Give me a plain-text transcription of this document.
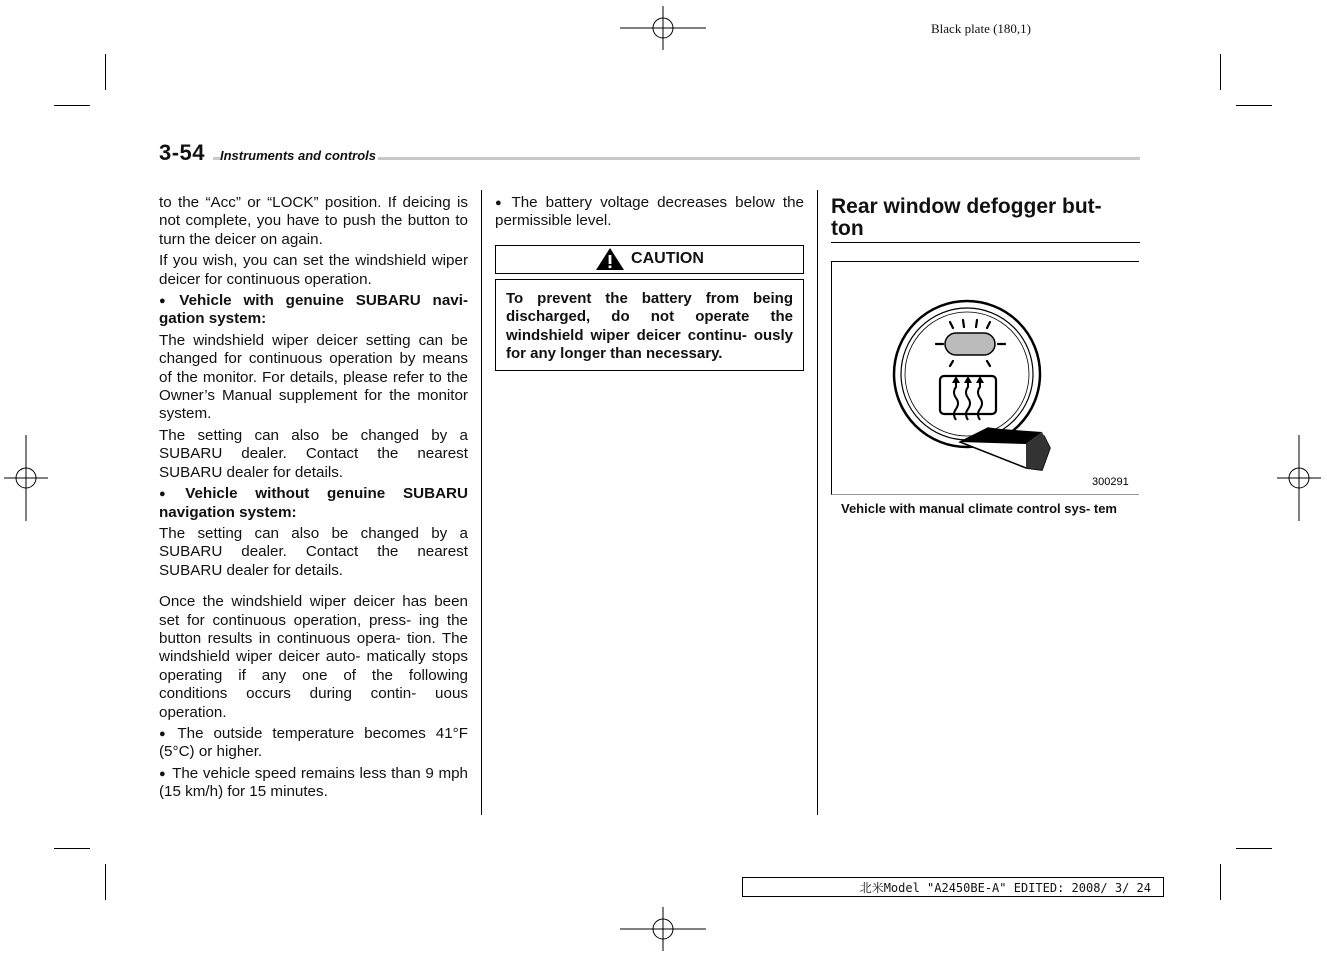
Black plate (180,1)
3-54	Instruments and controls

to the “Acc” or “LOCK” position. If deicing is not complete, you have to push the button to turn the deicer on again.

If you wish, you can set the windshield wiper deicer for continuous operation.

● Vehicle with genuine SUBARU navi- gation system:

The windshield wiper deicer setting can be changed for continuous operation by means of the monitor. For details, please refer to the Owner’s Manual supplement for the monitor system.

The setting can also be changed by a SUBARU dealer. Contact the nearest SUBARU dealer for details.

● Vehicle without genuine SUBARU navigation system:

The setting can also be changed by a SUBARU dealer. Contact the nearest SUBARU dealer for details.

Once the windshield wiper deicer has been set for continuous operation, press- ing the button results in continuous opera- tion. The windshield wiper deicer auto- matically stops operating if any one of the following conditions occurs during contin- uous operation.

● The outside temperature becomes 41°F (5°C) or higher.

● The vehicle speed remains less than 9 mph (15 km/h) for 15 minutes.

● The battery voltage decreases below the permissible level.

CAUTION
To prevent the battery from being discharged, do not operate the windshield wiper deicer continu- ously for any longer than necessary.
Rear window defogger but- ton
300291
Vehicle with manual climate control sys- tem
北米Model "A2450BE-A" EDITED: 2008/ 3/ 24
